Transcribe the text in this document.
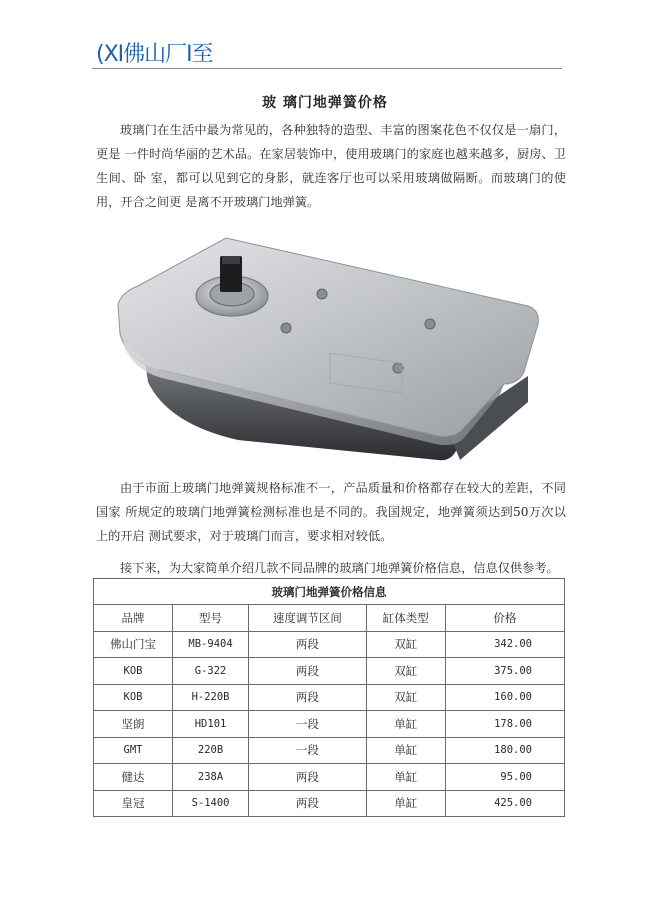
(XI佛山厂I至
玻 璃门地弹簧价格

玻璃门在生活中最为常见的，各种独特的造型、丰富的图案花色不仅仅是一扇门，更是 一件时尚华丽的艺术品。在家居装饰中，使用玻璃门的家庭也越来越多，厨房、卫生间、卧 室，都可以见到它的身影，就连客厅也可以采用玻璃做隔断。而玻璃门的使用，开合之间更 是离不开玻璃门地弹簧。

由于市面上玻璃门地弹簧规格标准不一，产品质量和价格都存在较大的差距，不同国家 所规定的玻璃门地弹簧检测标准也是不同的。我国规定，地弹簧须达到50万次以上的开启 测试要求，对于玻璃门而言，要求相对较低。

接下来，为大家简单介绍几款不同品牌的玻璃门地弹簧价格信息，信息仅供参考。

玻璃门地弹簧价格信息				
品牌	型号	速度调节区间	缸体类型	价格
佛山门宝	MB-9404	两段	双缸	342.00
KOB	G-322	两段	双缸	375.00
KOB	H-220B	两段	双缸	160.00
坚朗	HD101	一段	单缸	178.00
GMT	220B	一段	单缸	180.00
健达	238A	两段	单缸	95.00
皇冠	S-1400	两段	单缸	425.00
